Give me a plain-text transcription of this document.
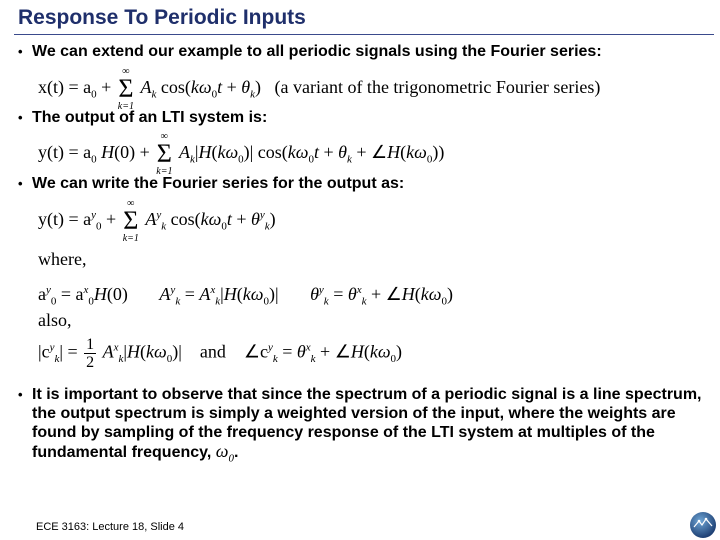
Response To Periodic Inputs
• We can extend our example to all periodic signals using the Fourier series:
$x(t) = a_0$ +
∞
Σ
k=1
$A_k$ $\cos(k\omega_0t + \theta_k)$   (a variant of the trigonometric Fourier series)
• The output of an LTI system is:
$y(t) = a_0$ H(0) +
∞
Σ
k=1
$A_k|H(k\omega_0)|$ $\cos(k\omega_0t + \theta_k$ + $\angle H(k\omega_0)$)
• We can write the Fourier series for the output as:
$y(t) = a^y_0$ +
∞
Σ
k=1
$A^y_k$ $\cos(k\omega_0t + \theta^y_k)$
where,
$a^y_0 = a^x_0H(0)$       $A^y_k = A^x_k|H(k\omega_0)|$       $\theta^y_k = \theta^x_k$ + $\angle H(k\omega_0)$
also,
$|c^y_k| = \frac{1}{2} A^x_k|H(k\omega_0)|$    and    $\angle c^y_k = \theta^x_k$ + $\angle H(k\omega_0)$
• It is important to observe that since the spectrum of a periodic signal is a line spectrum, the output spectrum is simply a weighted version of the input, where the weights are found by sampling of the frequency response of the LTI system at multiples of the fundamental frequency, $\omega_0$.
ECE 3163: Lecture 18, Slide 4
